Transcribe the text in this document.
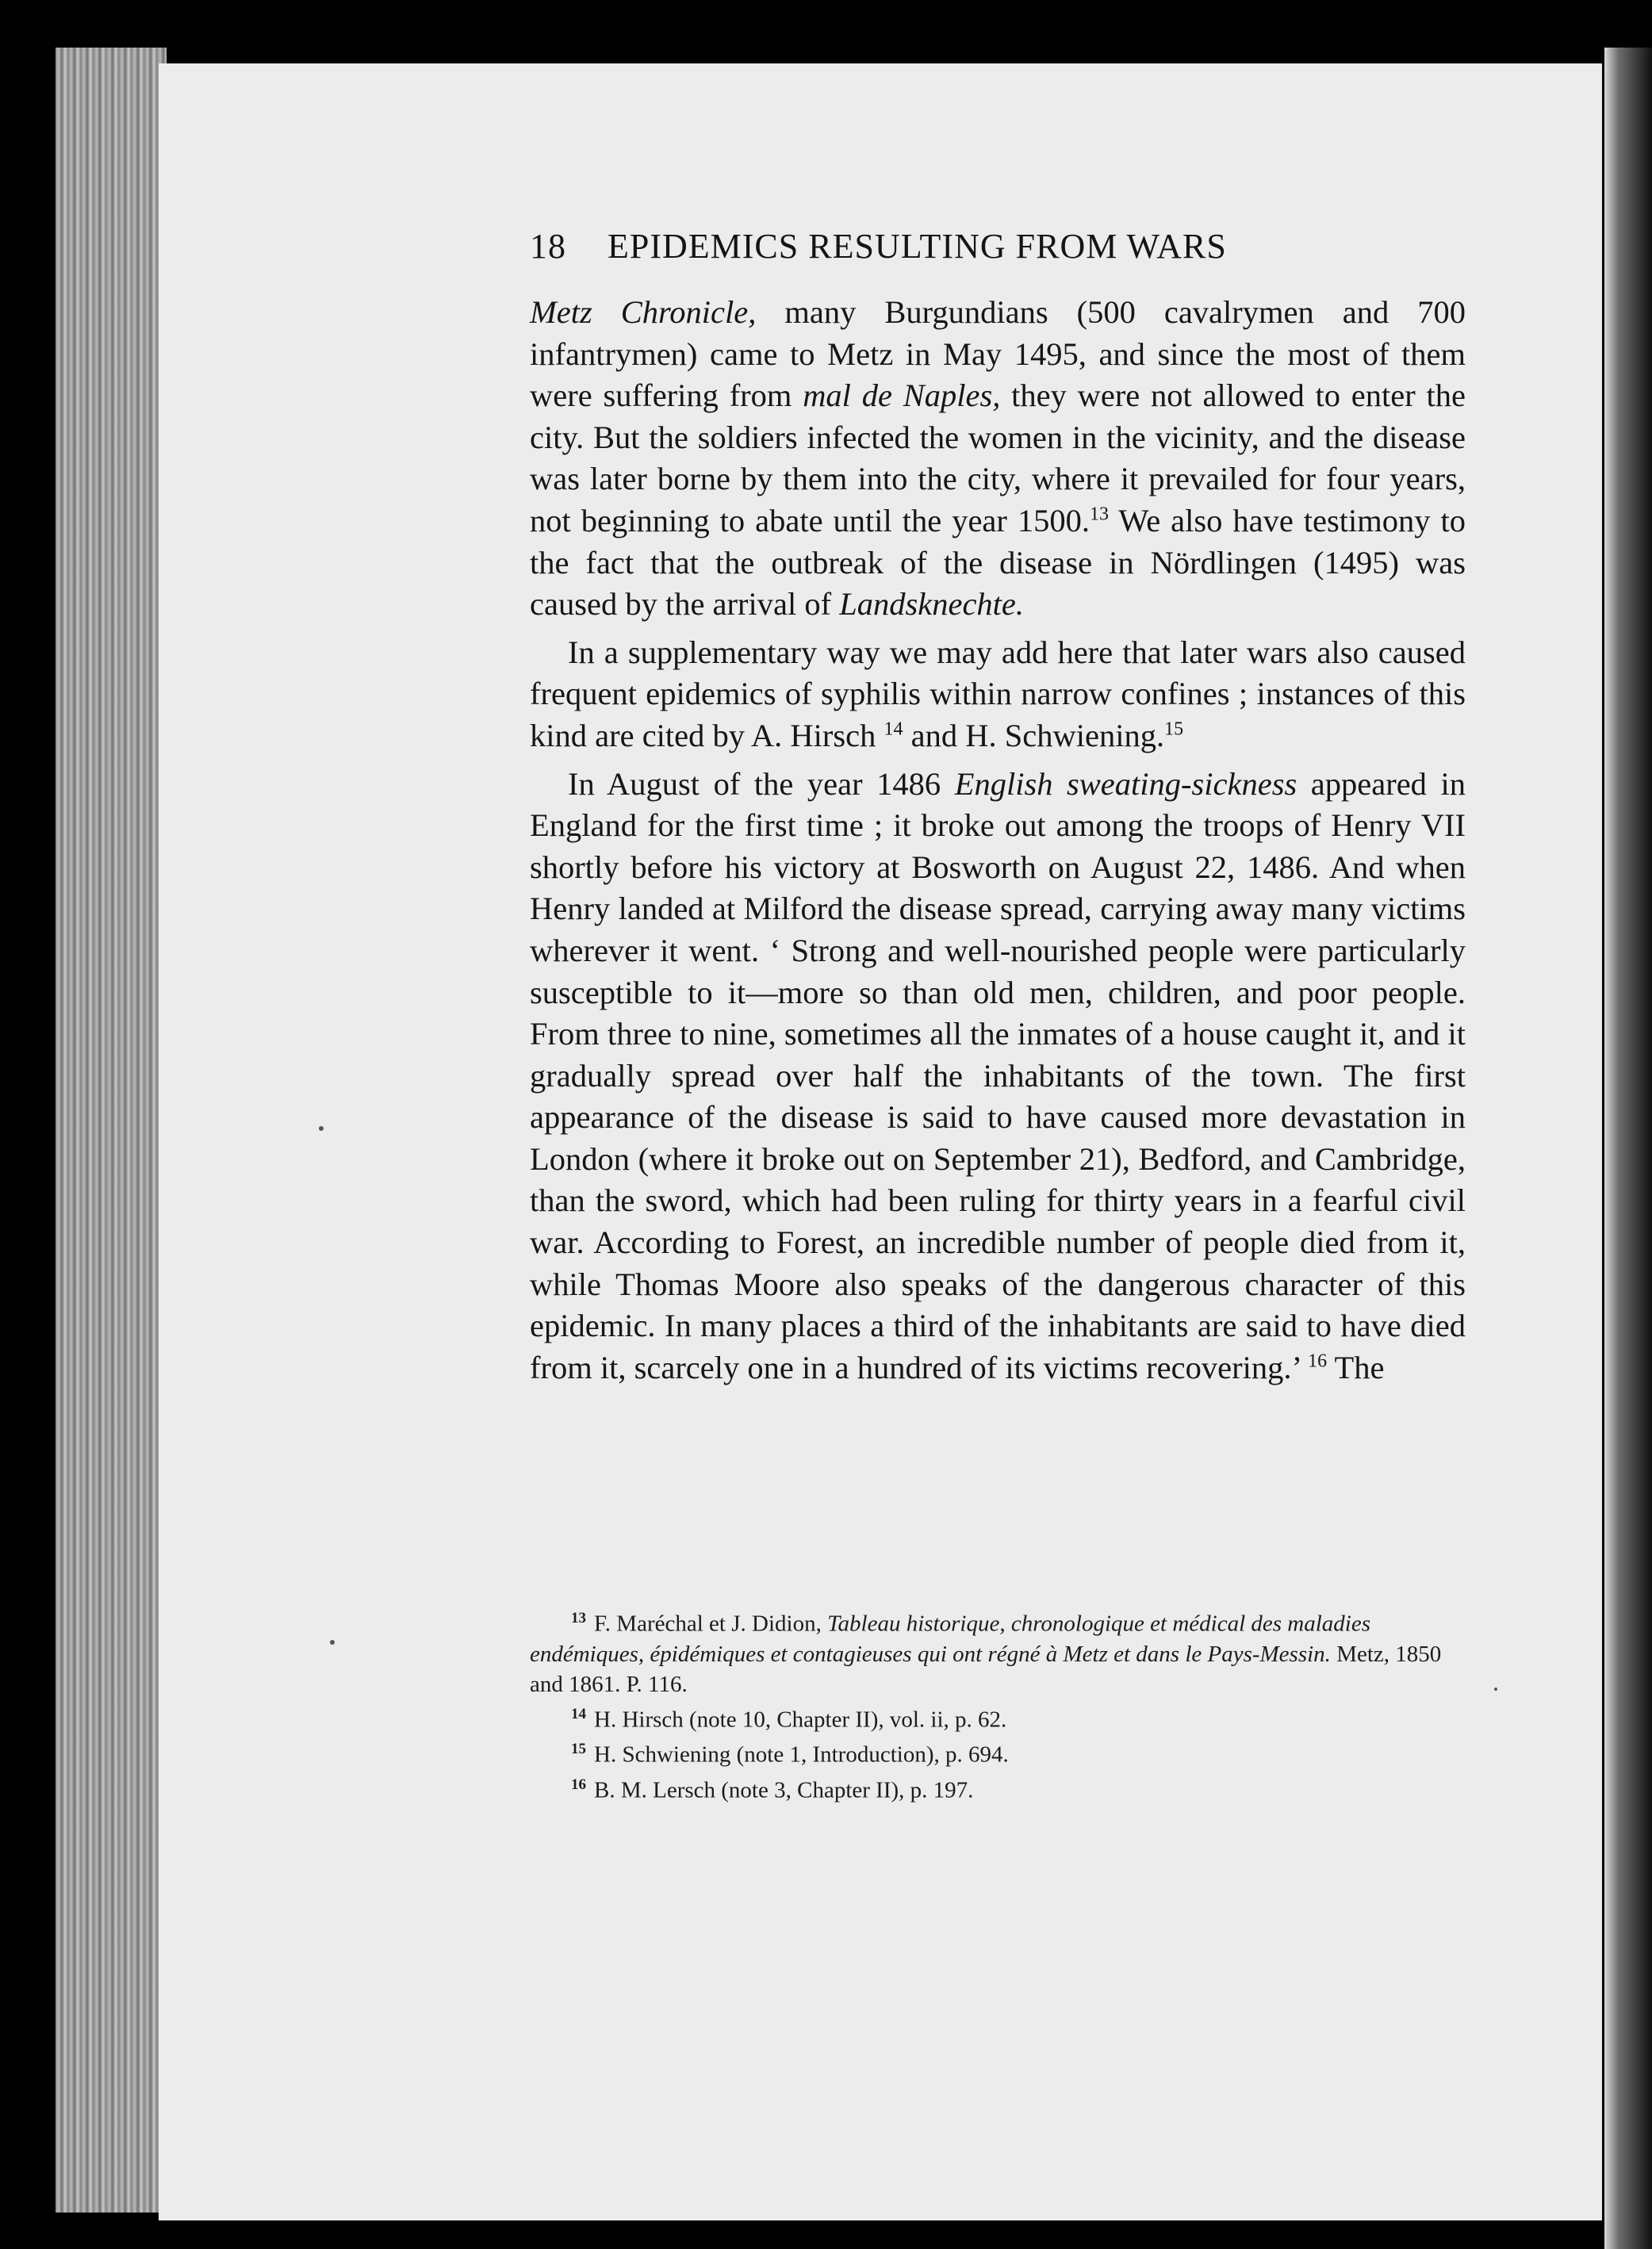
18 EPIDEMICS RESULTING FROM WARS

Metz Chronicle, many Burgundians (500 cavalrymen and 700 infantrymen) came to Metz in May 1495, and since the most of them were suffering from mal de Naples, they were not allowed to enter the city. But the soldiers infected the women in the vicinity, and the disease was later borne by them into the city, where it prevailed for four years, not beginning to abate until the year 1500.13 We also have testimony to the fact that the outbreak of the disease in Nördlingen (1495) was caused by the arrival of Landsknechte.

In a supplementary way we may add here that later wars also caused frequent epidemics of syphilis within narrow confines ; instances of this kind are cited by A. Hirsch $^{14}$ and H. Schwiening.$^{15}$

In August of the year 1486 English sweating-sickness appeared in England for the first time ; it broke out among the troops of Henry VII shortly before his victory at Bosworth on August 22, 1486. And when Henry landed at Milford the disease spread, carrying away many victims wherever it went. ‘ Strong and well-nourished people were particularly susceptible to it—more so than old men, children, and poor people. From three to nine, sometimes all the inmates of a house caught it, and it gradually spread over half the inhabitants of the town. The first appearance of the disease is said to have caused more devastation in London (where it broke out on September 21), Bedford, and Cambridge, than the sword, which had been ruling for thirty years in a fearful civil war. According to Forest, an incredible number of people died from it, while Thomas Moore also speaks of the dangerous character of this epidemic. In many places a third of the inhabitants are said to have died from it, scarcely one in a hundred of its victims recovering.’ $^{16}$ The

$^{13}$ F. Maréchal et J. Didion, Tableau historique, chronologique et médical des maladies endémiques, épidémiques et contagieuses qui ont régné à Metz et dans le Pays-Messin. Metz, 1850 and 1861. P. 116.

$^{14}$ H. Hirsch (note 10, Chapter II), vol. ii, p. 62.

$^{15}$ H. Schwiening (note 1, Introduction), p. 694.

$^{16}$ B. M. Lersch (note 3, Chapter II), p. 197.
